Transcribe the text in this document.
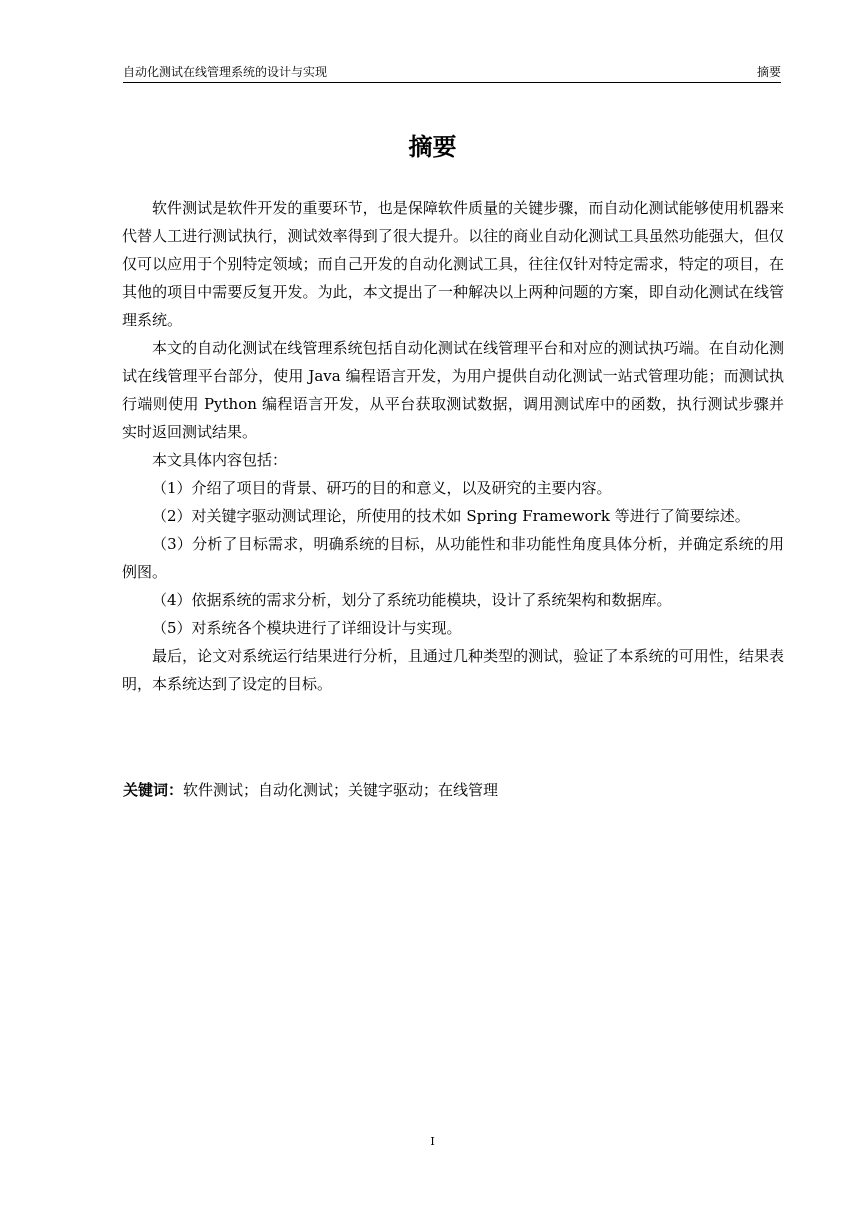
自动化测试在线管理系统的设计与实现	摘要
摘要

软件测试是软件开发的重要环节，也是保障软件质量的关键步骤，而自动化测试能够使用机器来代替人工进行测试执行，测试效率得到了很大提升。以往的商业自动化测试工具虽然功能强大，但仅仅可以应用于个别特定领域；而自己开发的自动化测试工具，往往仅针对特定需求，特定的项目，在其他的项目中需要反复开发。为此，本文提出了一种解决以上两种问题的方案，即自动化测试在线管理系统。

本文的自动化测试在线管理系统包括自动化测试在线管理平台和对应的测试执巧端。在自动化测试在线管理平台部分，使用 Java 编程语言开发，为用户提供自动化测试一站式管理功能；而测试执行端则使用 Python 编程语言开发，从平台获取测试数据，调用测试库中的函数，执行测试步骤并实时返回测试结果。

本文具体内容包括：

（1）介绍了项目的背景、研巧的目的和意义，以及研究的主要内容。

（2）对关键字驱动测试理论，所使用的技术如 Spring Framework 等进行了简要综述。

（3）分析了目标需求，明确系统的目标，从功能性和非功能性角度具体分析，并确定系统的用例图。

（4）依据系统的需求分析，划分了系统功能模块，设计了系统架构和数据库。

（5）对系统各个模块进行了详细设计与实现。

最后，论文对系统运行结果进行分析，且通过几种类型的测试，验证了本系统的可用性，结果表明，本系统达到了设定的目标。

关键词：软件测试；自动化测试；关键字驱动；在线管理
I
